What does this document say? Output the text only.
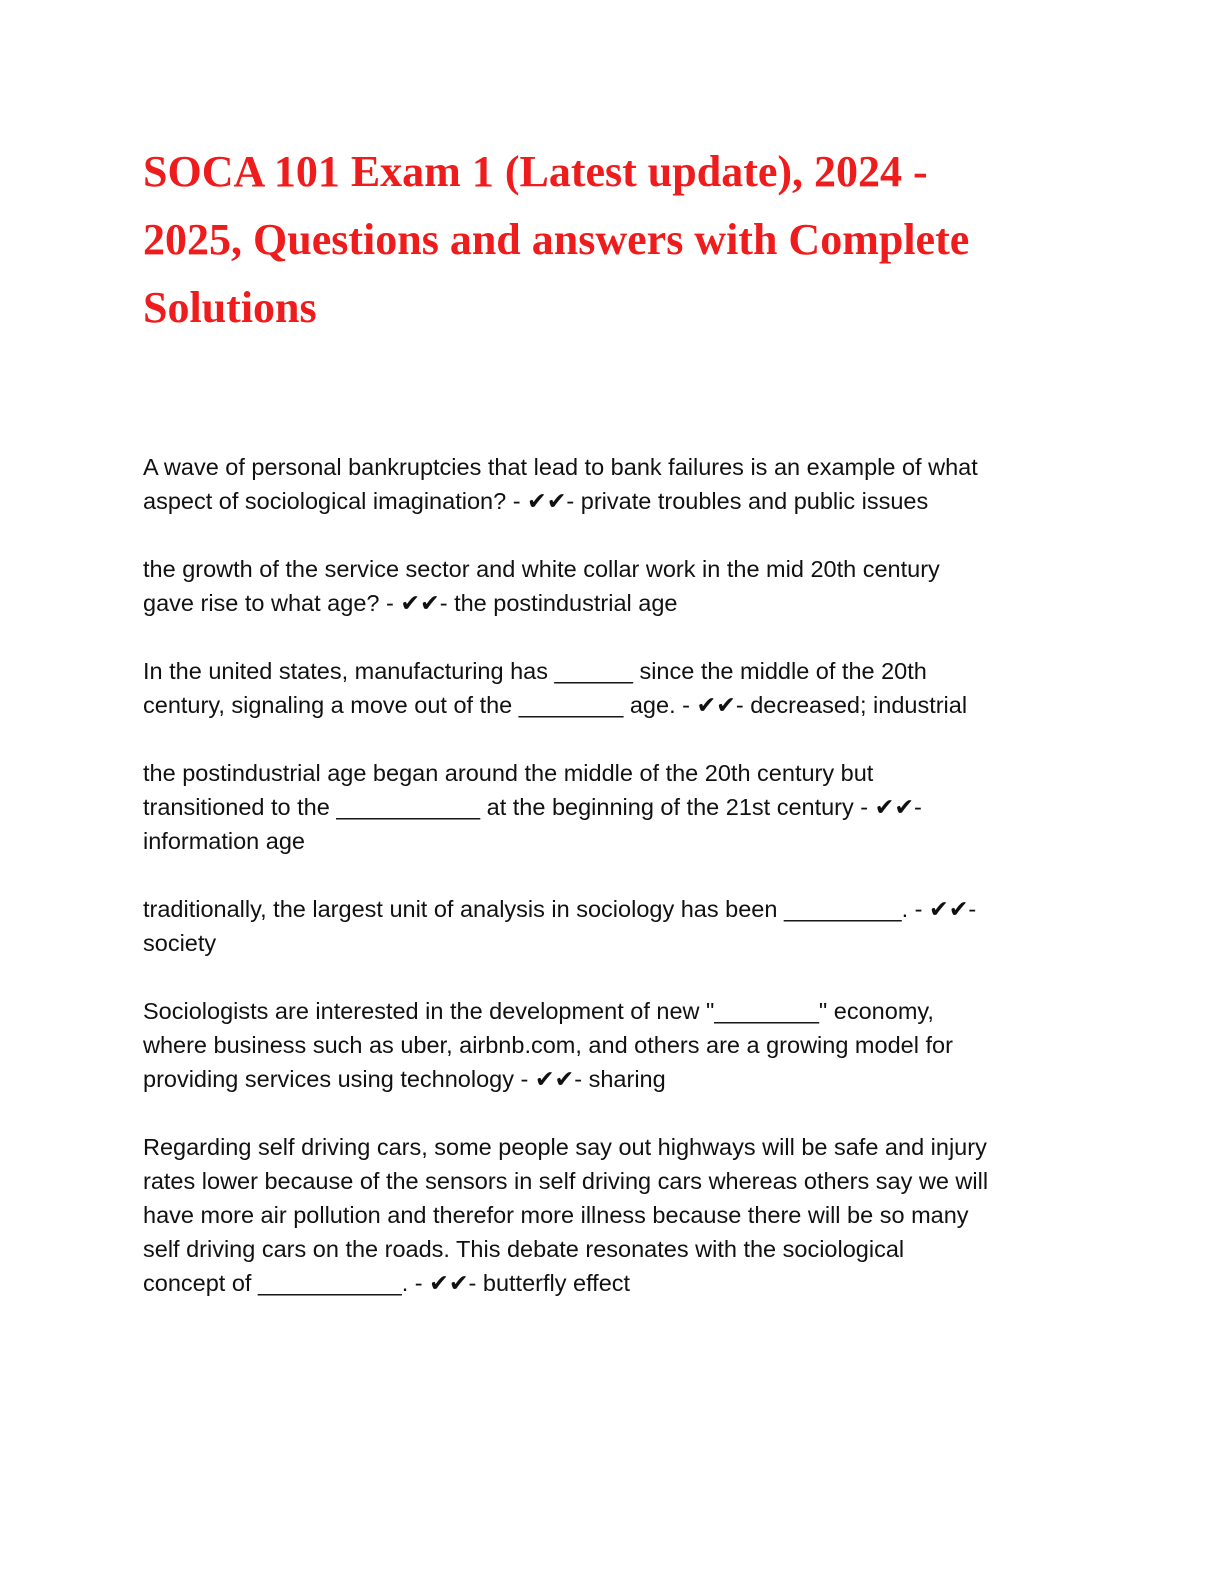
SOCA 101 Exam 1 (Latest update), 2024 -
2025, Questions and answers with Complete
Solutions

A wave of personal bankruptcies that lead to bank failures is an example of what
aspect of sociological imagination? - ✔✔- private troubles and public issues

the growth of the service sector and white collar work in the mid 20th century
gave rise to what age? - ✔✔- the postindustrial age

In the united states, manufacturing has ______ since the middle of the 20th
century, signaling a move out of the ________ age. - ✔✔- decreased; industrial

the postindustrial age began around the middle of the 20th century but
transitioned to the ___________ at the beginning of the 21st century - ✔✔-
information age

traditionally, the largest unit of analysis in sociology has been _________. - ✔✔-
society

Sociologists are interested in the development of new "________" economy,
where business such as uber, airbnb.com, and others are a growing model for
providing services using technology - ✔✔- sharing

Regarding self driving cars, some people say out highways will be safe and injury
rates lower because of the sensors in self driving cars whereas others say we will
have more air pollution and therefor more illness because there will be so many
self driving cars on the roads. This debate resonates with the sociological
concept of ___________. - ✔✔- butterfly effect
